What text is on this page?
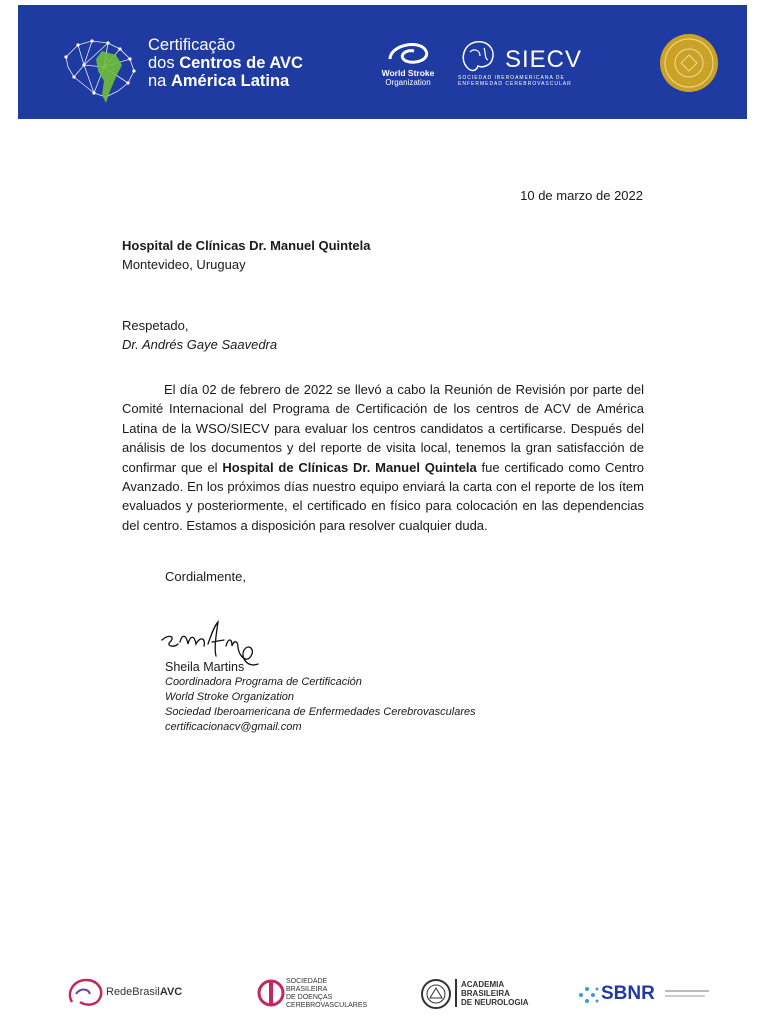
Certificação
dos Centros de AVC
na América Latina	World Stroke
Organization
SIECV
SOCIEDAD IBEROAMERICANA DE ENFERMEDAD CEREBROVASCULAR
10 de marzo de 2022
Hospital de Clínicas Dr. Manuel Quintela
Montevideo, Uruguay
Respetado,
Dr. Andrés Gaye Saavedra
El día 02 de febrero de 2022 se llevó a cabo la Reunión de Revisión por parte del Comité Internacional del Programa de Certificación de los centros de ACV de América Latina de la WSO/SIECV para evaluar los centros candidatos a certificarse. Después del análisis de los documentos y del reporte de visita local, tenemos la gran satisfacción de confirmar que el Hospital de Clínicas Dr. Manuel Quintela fue certificado como Centro Avanzado. En los próximos días nuestro equipo enviará la carta con el reporte de los ítem evaluados y posteriormente, el certificado en físico para colocación en las dependencias del centro. Estamos a disposición para resolver cualquier duda.
Cordialmente,
Sheila Martins
Coordinadora Programa de Certificación
World Stroke Organization
Sociedad Iberoamericana de Enfermedades Cerebrovasculares
certificacionacv@gmail.com
RedeBrasilAVC
SOCIEDADE
BRASILEIRA
DE DOENÇAS
CEREBROVASCULARES
ACADEMIA
BRASILEIRA
DE NEUROLOGIA	SBNR
